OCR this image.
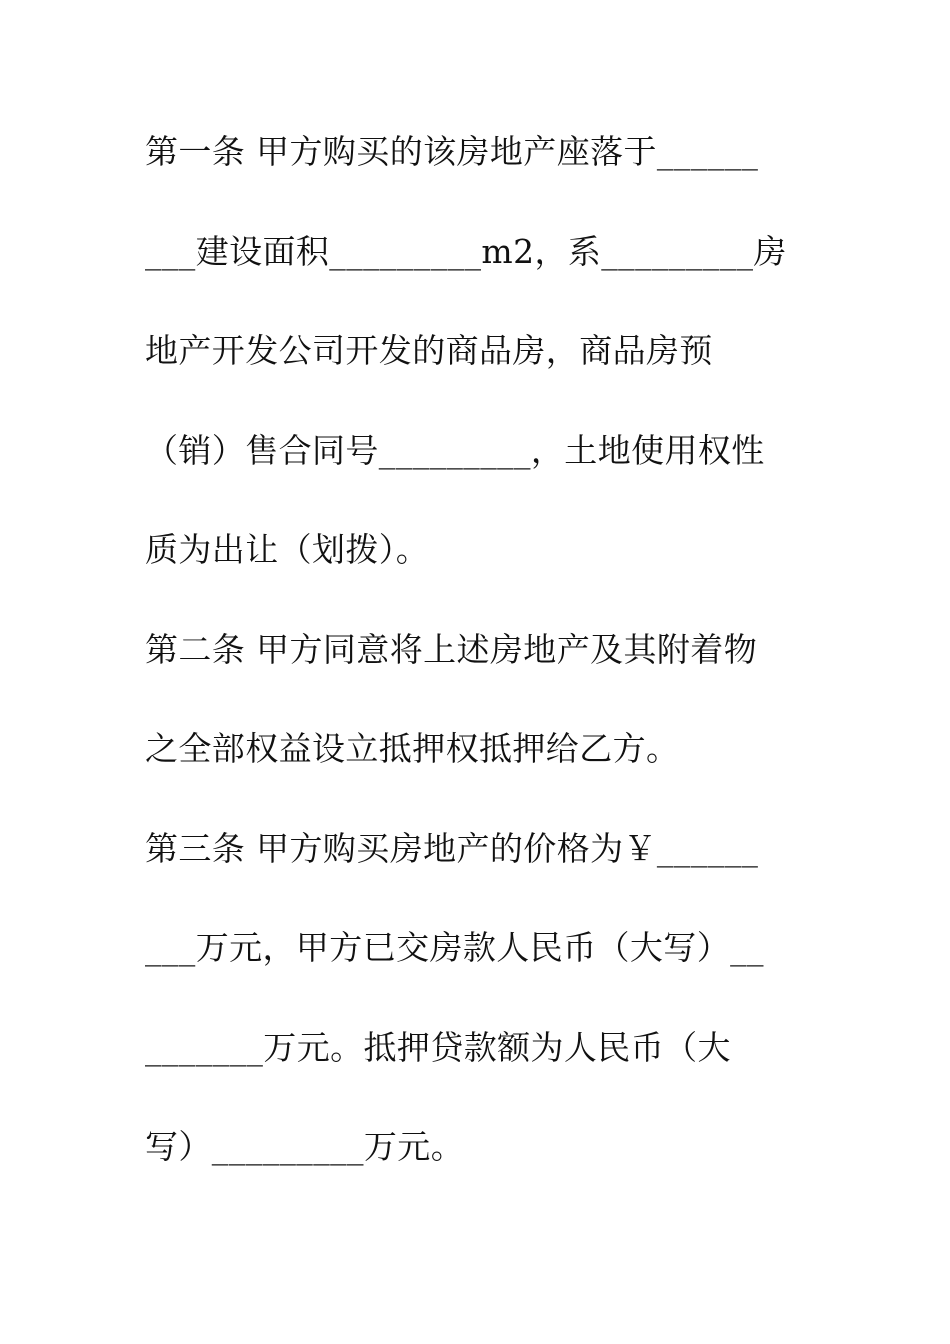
第一条 甲方购买的该房地产座落于______
___建设面积_________m2，系_________房
地产开发公司开发的商品房，商品房预
（销）售合同号_________，土地使用权性
质为出让（划拨）。
第二条 甲方同意将上述房地产及其附着物
之全部权益设立抵押权抵押给乙方。
第三条 甲方购买房地产的价格为￥______
___万元，甲方已交房款人民币（大写）__
_______万元。抵押贷款额为人民币（大
写）_________万元。
